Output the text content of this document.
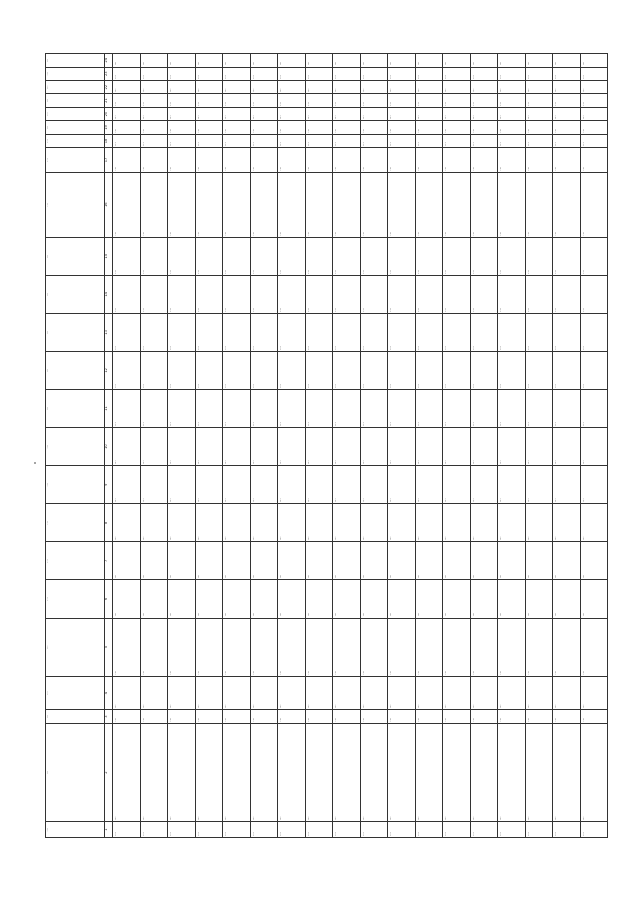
…	…	…	…	…	…	…	…	…	…	…	…	…	…	…	…	…	…	…	…	…	…	…	…
1	2	3	4	5	6	7	8	9	10	11	12	13	14	15	16	17	18	19	20	21	22	23	24
…	…	…	…	…	…	…	…	…	…	…	…	…	…	…	…	…	…	…	…	…	…	…	…
…	…	…	…	…	…	…	…	…	…	…	…	…	…	…	…	…	…	…	…	…	…	…	…
…	…	…	…	…	…	…	…	…	…	…	…	…	…	…	…	…	…	…	…	…	…	…	…
…	…	…	…	…	…	…	…	…	…	…	…	…	…	…	…	…	…	…	…	…	…	…	…
…	…	…	…	…	…	…	…	…	…	…	…	…	…	…	…	…	…	…	…	…	…	…	…
…	…	…	…	…	…	…	…	…	…	…	…	…	…	…	…	…	…	…	…	…	…	…	…
…	…	…	…	…	…	…	…	…	…	…	…	…	…	…	…	…	…	…	…	…	…	…	…
…	…	…	…	…	…	…	…	…	…	…	…	…	…	…	…	…	…	…	…	…	…	…	…
…	…	…	…	…	…	…	…	…	…	…	…	…	…	…	…	…	…	…	…	…	…	…	…
…	…	…	…	…	…	…	…	…	…	…	…	…	…	…	…	…	…	…	…	…	…	…	…
…	…	…	…	…	…	…	…	…	…	…	…	…	…	…	…	…	…	…	…	…	…	…	…
…	…	…	…	…	…	…	…	…	…	…	…	…	…	…	…	…	…	…	…	…	…	…	…
…	…	…	…	…	…	…	…	…	…	…	…	…	…	…	…	…	…	…	…	…	…	…	…
…	…	…	…	…	…	…	…	…	…	…	…	…	…	…	…	…	…	…	…	…	…	…	…
…	…	…	…	…	…	…	…	…	…	…	…	…	…	…	…	…	…	…	…	…	…	…	…
…	…	…	…	…	…	…	…	…	…	…	…	…	…	…	…	…	…	…	…	…	…	…	…
…	…	…	…	…	…	…	…	…	…	…	…	…	…	…	…	…	…	…	…	…	…	…	…
…	…	…	…	…	…	…	…	…	…	…	…	…	…	…	…	…	…	…	…	…	…	…	…
